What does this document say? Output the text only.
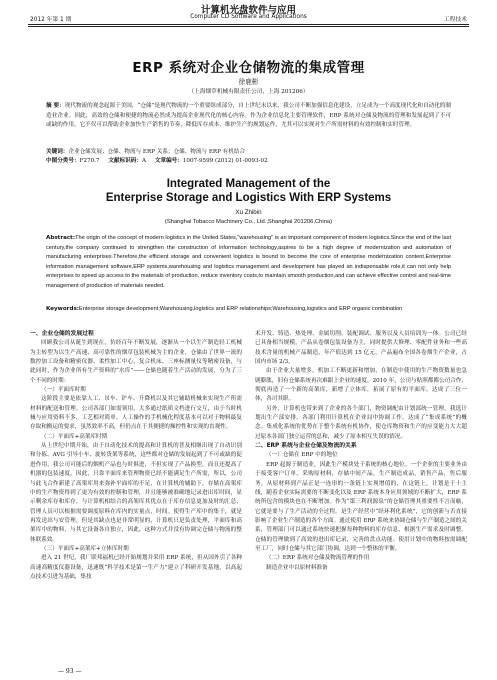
计算机光盘软件与应用
2012 年第 1 期	Computer CD Software and Applications	工程技术
ERP 系统对企业仓储物流的集成管理
徐鹿彬
（上海烟草机械有限责任公司，上海 201206）
摘 要：现代物流的观念起源于美国，“仓储”是现代物流的一个重要组成部分，自上世纪末以来，我公司不断加强信息化建设，立足成为一个高度现代化和自动化的制造业企业。因此，高效的仓储和便捷的物流必然成为提高企业现代化的核心内容。作为企业信息化主要管理软件，ERP 系统对仓储及物流的管理和发展起到了不可或缺的作用，它不仅可以帮助企业加快生产销售的节奏，降低库存成本，维护生产的规划运作，尤其可以实现对生产所需材料的有效控制和实时管理。
关键词：企业仓储发展；仓储、物流与 ERP 关系；仓储、物流与 ERP 有机结合
中图分类号：F270.7 文献标识码：A 文章编号：1007-9599 (2012) 01-0093-02
Integrated Management of the
Enterprise Storage and Logistics With ERP Systems
Xu Zhibin
(Shanghai Tobacco Machinery Co., Ltd.,Shanghai 201206,China)
Abstract:The origin of the concept of modern logistics in the United States,"warehousing" is an important component of modern logistics.Since the end of the last century,the company continued to strengthen the construction of information technology,aspires to be a high degree of modernization and automation of manufacturing enterprises.Therefore,the efficient storage and convenient logistics is bound to become the core of enterprise modernization content.Enterprise information management software,ERP systems,warehousing and logistics management and development has played an indispensable role,it can not only help enterprises to speed up access to the materials of production, reduce inventory costs,to maintain smooth production,and can achieve effective control and real-time management of production of materials needed.
Keywords:Enterprise storage development;Warehousing,logistics and ERP relationships;Warehousing,logistics and ERP organic combination
一、企业仓储的发展过程

回顾我公司从诞生到现在，仿经百年不断发展，逐渐从一个以生产制造轻工机械为主转型为以生产高速、高可靠性的烟草包装机械为主的企业，仓储由了世界一流的数控加工设备和精密仪器、柔性加工中心、复合机床、三座标测量仪等精密设备，与此同时，作为企业所有生产资料的“水库”——仓储也随着生产活动的发展，分为了三个不同的时期：

（一）平面库时期

这阶段主要是依靠人工、吊车、铲车、升降机以及其它辅助机械来实现生产所需材料的配送和管理。公司各部门如需领用，大多通过纸质文档进行交互，由于当时机械与应用资料不多，工艺相对简单，人工操作的手机械化程度基本可以对于物料最复存取和搬运的要求，虽然效率不高，但仍点在于其便捷的操控性和实现的直观性。

（二）平面库+高架库时期

从上世纪中期开始，由于自动化技术的提高和计算机的普及相继出现了自动识别和分拣、AVG 引导小车、旋转货架等系统，这些都对仓储的发展起到了不可或缺的促进作用，我公司可能后的烟机产品也与时俱进，不但实现了产品换型，而且还提高了机器的包装速度。因此，只靠平面库来管理物资已经不能满足生产所需，所以，公司与此飞合作新建了高架库用来弥补平面库的不足，在计算机的辅助下，存储在高架库中的生产物资得到了更为有效的控制和管理，并且能够被准确地记录进出库时间，显示剩余库存和库存，与计算机相结合的高架库其优点在于库存信息更加及时的汇总，管理人员可以根据需要调度原料在库内的实量点，时间。使得生产库中的集于，就是再发送出与安管理，但是其缺点也是非常明显的，计算机只是负责处理，平面库和高架库中的物料，与其它设备各自独立，因此，这种方式并没有协调完仓储与物流的整体联系效。

（三）平面库+高架库+立体库时期

进入 21 世纪，我厂联邦福机已经开始规划并采用 ERP 系统，但从国外引了各种高速高精度仪器设备，迅速既“科学技术是第一生产力”建立了科研开发基地，以高起点技术引进为基础，集技

术开发、铸造、热处理、金属切削、装配调试、服务以及人员培训为一体。公司已经已具备相当规模，产品从卷烟包装设备为主，同时提供大修理、零配件业务和一些高技术含量的机械产品制造，年产值达到 15 亿元，产品遍布全国各卷烟生产企业，占国内市场 2/3。

由于企业大量增多，机加工不断更新和增加，在制造中使用的生产物资数量也急剧膨胀，旧有仓储系统再次难跟上企业的速度。2010 年，公司与贴照都都公司合作，彻底再造了一个新的高架库，新增了立体库，拓展了原有的平面库，达成了三位一体，各司其职。

另外，计算机也带来到了企业的各个部门，物资调配由计划部统一管理，我选计划出生产部安排。各部门利用计算机在企业局中协调工作，达成了“集成系统”的概念。集成化系统的优势在于整个系统有机协作，使仓库物资和生产的应变能力大大超过原本各部门独立运营的总和，减少了原本相互失误的情况。

二、ERP 系统与企业仓储及物流的关系
（一）仓储在 ERP 中的地位

ERP 起源于制造业，因此生产模块处于系统的核心地位。一个企业的主要业务由于接受客户订单，采购原材料，存储中间产品，生产制造成品，销售产品，售后服务。从原材料到产品正是一连串的一条链上实现增值的，在这链上，计划是干十主线，随着企业实际需要的不断变化以及 ERP 系统本身应用领域的不断扩大，ERP 系统所包含的模块也在不断增加。作为“第三利润源泉”的仓储管理其重要性不言而喻，它就是要与了生产活动的全过程。是生产经营中“经环利化系统”，它的创新与否直接影响了企业生产制造的各个方面。通过使用 ERP 系统来协调仓储与生产制造之间的关系，管理部门可以通过系统快速把握每种物料的库存信息，根据生产需求及时调整。仓储的管理做到了高效的进出库记录，完善的盘点功能。使用计划中的物料按需调配至工厂，同时仓储与其它部门协调，达到一个整体的平衡。

（二）ERP 系统对仓储及物流管理的作用

制造企业中以原材料准备

— 93 —
